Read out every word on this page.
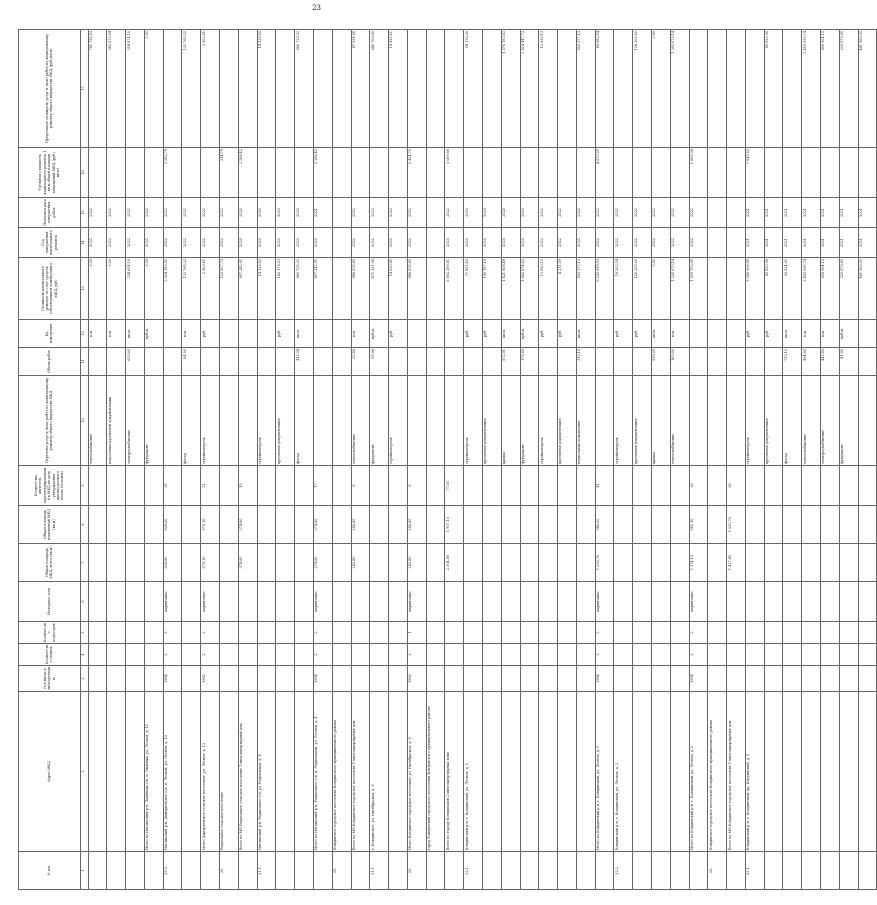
23
№ п/п	Адрес МКД	Год ввода в эксплуатацию	Количество этажей	Количество подъездов	Материал стен	Общая площадь МКД, всего (кв.м)	Общая площадь помещений МКД (кв.м)	Количество жителей, зарегистрированных в МКД на дату утверждения краткосрочного плана (человек)	Перечень услуг и (или) работ по капитальному ремонту общего имущества МКД	Объем работ	Ед. измерения	Стоимость капитального ремонта за счет средств собственников помещений в МКД, руб.	Год завершения капитального ремонта	Плановая дата завершения работ	Удельная стоимость капитального ремонта 1 кв.м общей площади помещений МКД (руб./кв.м)	Предельная стоимость услуг и (или) работ по капитальному ремонту общего имущества МКД (руб./кв.м)
1	2	3	4	5	6	7	8	9	10	11	12	13	14	15	16	17
									теплоснабжение		п.м.	0,00	2022	2022		781 755,53
									подготовка проектной документации		п.м.	0,00	2022	2022		342 873,04
									электроснабжение	620,60	кв.м.	234 654,18	2022	2022		354 674,18
	Итого по Няганьский р-н, Лыжница с/п, п. Лыжный, ул. Лесная, д. 11								фундамент		куб.м.	0,00	2022	2022		0,00
29.2.	Няганьский р-н, Дмитриевское с/п, п. Лесной, ул. Лесная, д. 13	1964	2	3	кирпичные	628,60	628,60	35				2 004 193,00	2022	2022	3 282,79	
									фасад	84,00	п.м.	132 765,32	2022	2022		132 765,32
	Итого Дмитриевское сельское поселение, ул. Лесная, д. 13	1962	2	3	кирпичные	579,10	579,10	21	стройконтроль		руб.	2 903,61	2022	2022		2 903,61
30.	Радиальное сельское поселение											123 507,73	2022	2022	214,79	
	Всего по МО Радиальное сельское поселение 1 многоквартирный дом					374,60	374,60	15				857 242,91	2020	2020	2 288,42	
31.1.	Няганьский р-н, Радиальное с/п, ул. Радиальная, д. 4								стройконтроль			14 139,52	2020	2020		14 139,52
									проектная документация		руб.	182 176,53	2020	2020		
									фасад	415,94	кв.м.	660 725,32	2020	2020		660 725,32
	Итого по Няганьский р-н, Радиальное с/п, п. Радиальный, ул. Лесная, д. 4	1964	2	2	кирпичные	374,60	374,60	17				857 242,91	2020	2021	2 288,42	
31.	Кондинское городское поселение Кондинского муниципального района															
	Всего по МО Кондинское городское поселение 1 многоквартирный дом					282,80	282,80	8	теплоснабжение	32,80	п.м.	688 535,85	2022	2022		47 091,98
31.1.	г. Кондинское, ул. Октябрьская, д. 6								фундамент	55,96	куб.м.	471 391,98	2022	2022		640 706,60
									стройконтроль		руб.	14 625,81	2022	2022		14 625,81
32.	Итого Кондинское городское поселение, ул. Октябрьская, д. 6	1963	2	1	кирпичные	282,80	282,80	8				688 535,85	2022	2022	2 434,70	
	город Кондинский городского поселения Кондинского муниципального района															
	Всего по городу Кондинский 2 многоквартирных дома					2 304,80	1 907,10	77,00				5 892 299,61	2020	2022	3 089,66	
32.1.	Кондинский р-н, г. Кондинский, ул. Лесная, д. 1								стройконтроль		руб.	71 851,45	2020	2020		94 176,30
									проектная документация		руб.	190 157,16	2020	2020		
									крыша	572,91	кв.м.	1 421 608,46	2020	2020		1 576 180,82
									фундамент	178,60	куб.м.	1 662 874,82	2020	2020		2 824 447,73
									стройконтроль		руб.	12 690,13	2022	2022		12 690,13
									проектная документация		руб.	4 211,09	2022	2022		
									подвальные помещения	312,10	кв.м.	593 277,13	2022	2022		593 277,13
	Итого по Кондинский р-н, г. Кондинский, ул. Лесная, д. 1	1984	3	2	кирпичные	1 330,70	946,00	41				6 293 919,93	2022	2022	4 579,05	69 082,54
32.2.	Кондинский р-н, г. Кондинский, ул. Лесная, д. 2								стройконтроль		руб.	18 202,54	2022	2022		
									проектная документация		руб.	126 205,00	2022	2022		126 205,00
									крыша	516,00	кв.м.	0,00	2022	2022		0,00
									теплоснабжение	163,00	п.м.	1 235 075,14	2022	2022		1 392 070,14
	Итого по Кондинский р-н, г. Кондинский, ул. Лесная, д. 2	1964	3	2	кирпичные	1 274,10	961,10	36				1 599 702,68	2022	2022	1 665,06	
33.	Кондинское городское поселение Кондинского муниципального района															
	Всего по МО Кондинское городское поселение 1 многоквартирный дом					1 427,40	1 053,70	62								
33.1.	Кондинский р-н, г. Кондинский, пр. Кондинский, д. 5								стройконтроль		руб.	8 056 908,88	2021	2021	7 645,82	
									проектная документация		руб.	85 523,96	2021	2021		85 523,96
									фасад	710,10	кв.м.	93 524,00	2021	2021		
									теплоснабжение	494,60	п.м.	2 455 095,74	2021	2021		2 455 095,74
									электроснабжение	442,80	п.м.	628 904,12	2021	2021		628 904,12
									фундамент	41,60	куб.м.	229 679,65	2021	2021		229 679,65
												481 563,00	2021	2021		481 563,00
